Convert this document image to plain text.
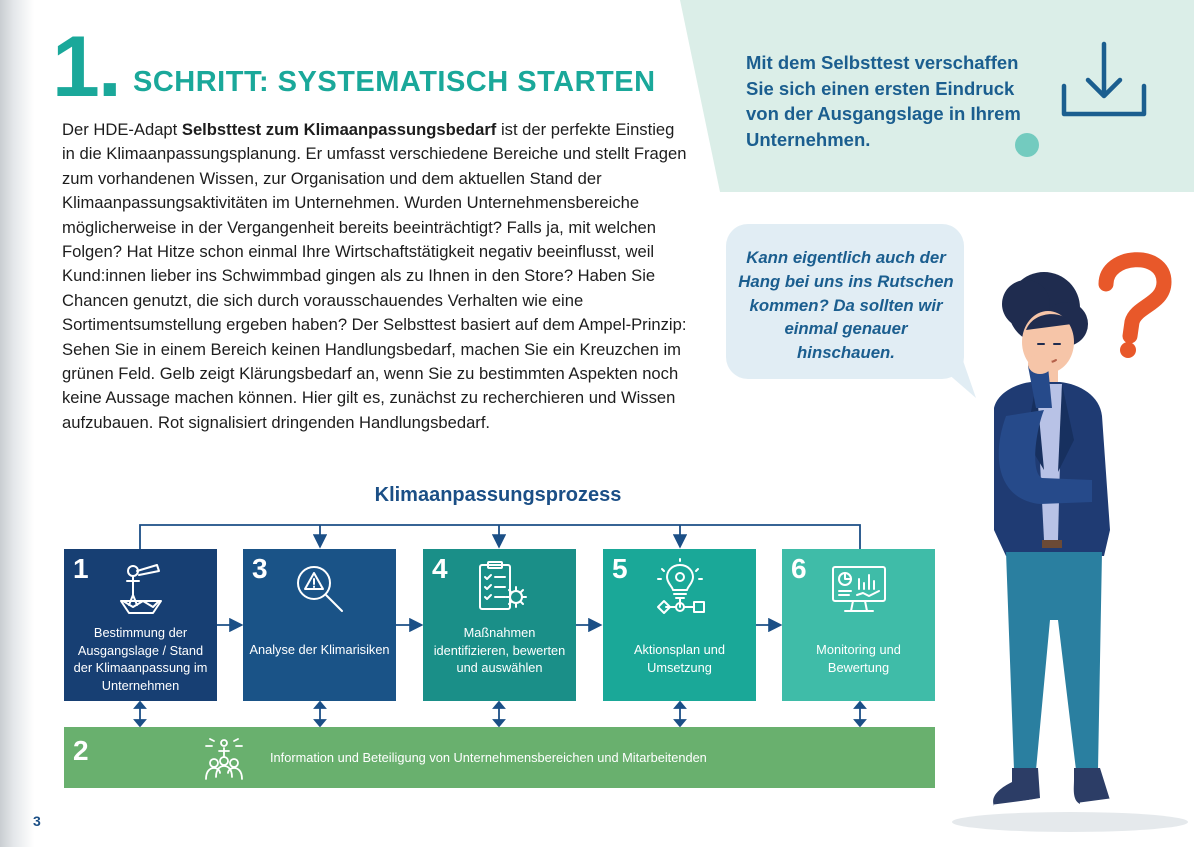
1. SCHRITT: SYSTEMATISCH STARTEN
Der HDE-Adapt Selbsttest zum Klimaanpassungsbedarf ist der perfekte Einstieg in die Klimaanpassungsplanung. Er umfasst verschiedene Bereiche und stellt Fragen zum vorhandenen Wissen, zur Organisation und dem aktuellen Stand der Klimaanpassungsaktivitäten im Unternehmen. Wurden Unternehmensbereiche möglicherweise in der Vergangenheit bereits beeinträchtigt? Falls ja, mit welchen Folgen? Hat Hitze schon einmal Ihre Wirtschaftstätigkeit negativ beeinflusst, weil Kund:innen lieber ins Schwimmbad gingen als zu Ihnen in den Store? Haben Sie Chancen genutzt, die sich durch vorausschauendes Verhalten wie eine Sortimentsumstellung ergeben haben? Der Selbsttest basiert auf dem Ampel-Prinzip: Sehen Sie in einem Bereich keinen Handlungsbedarf, machen Sie ein Kreuzchen im grünen Feld. Gelb zeigt Klärungsbedarf an, wenn Sie zu bestimmten Aspekten noch keine Aussage machen können. Hier gilt es, zunächst zu recherchieren und Wissen aufzubauen. Rot signalisiert dringenden Handlungsbedarf.
Mit dem Selbsttest verschaffen Sie sich einen ersten Eindruck von der Ausgangslage in Ihrem Unternehmen.
Kann eigentlich auch der Hang bei uns ins Rutschen kommen? Da sollten wir einmal genauer hinschauen.
Klimaanpassungsprozess
1
Bestimmung der Ausgangslage / Stand der Klimaanpassung im Unternehmen
3
Analyse der Klimarisiken
4
Maßnahmen identifizieren, bewerten und auswählen
5
Aktionsplan und Umsetzung
6
Monitoring und Bewertung
2	Information und Beteiligung von Unternehmensbereichen und Mitarbeitenden
3
